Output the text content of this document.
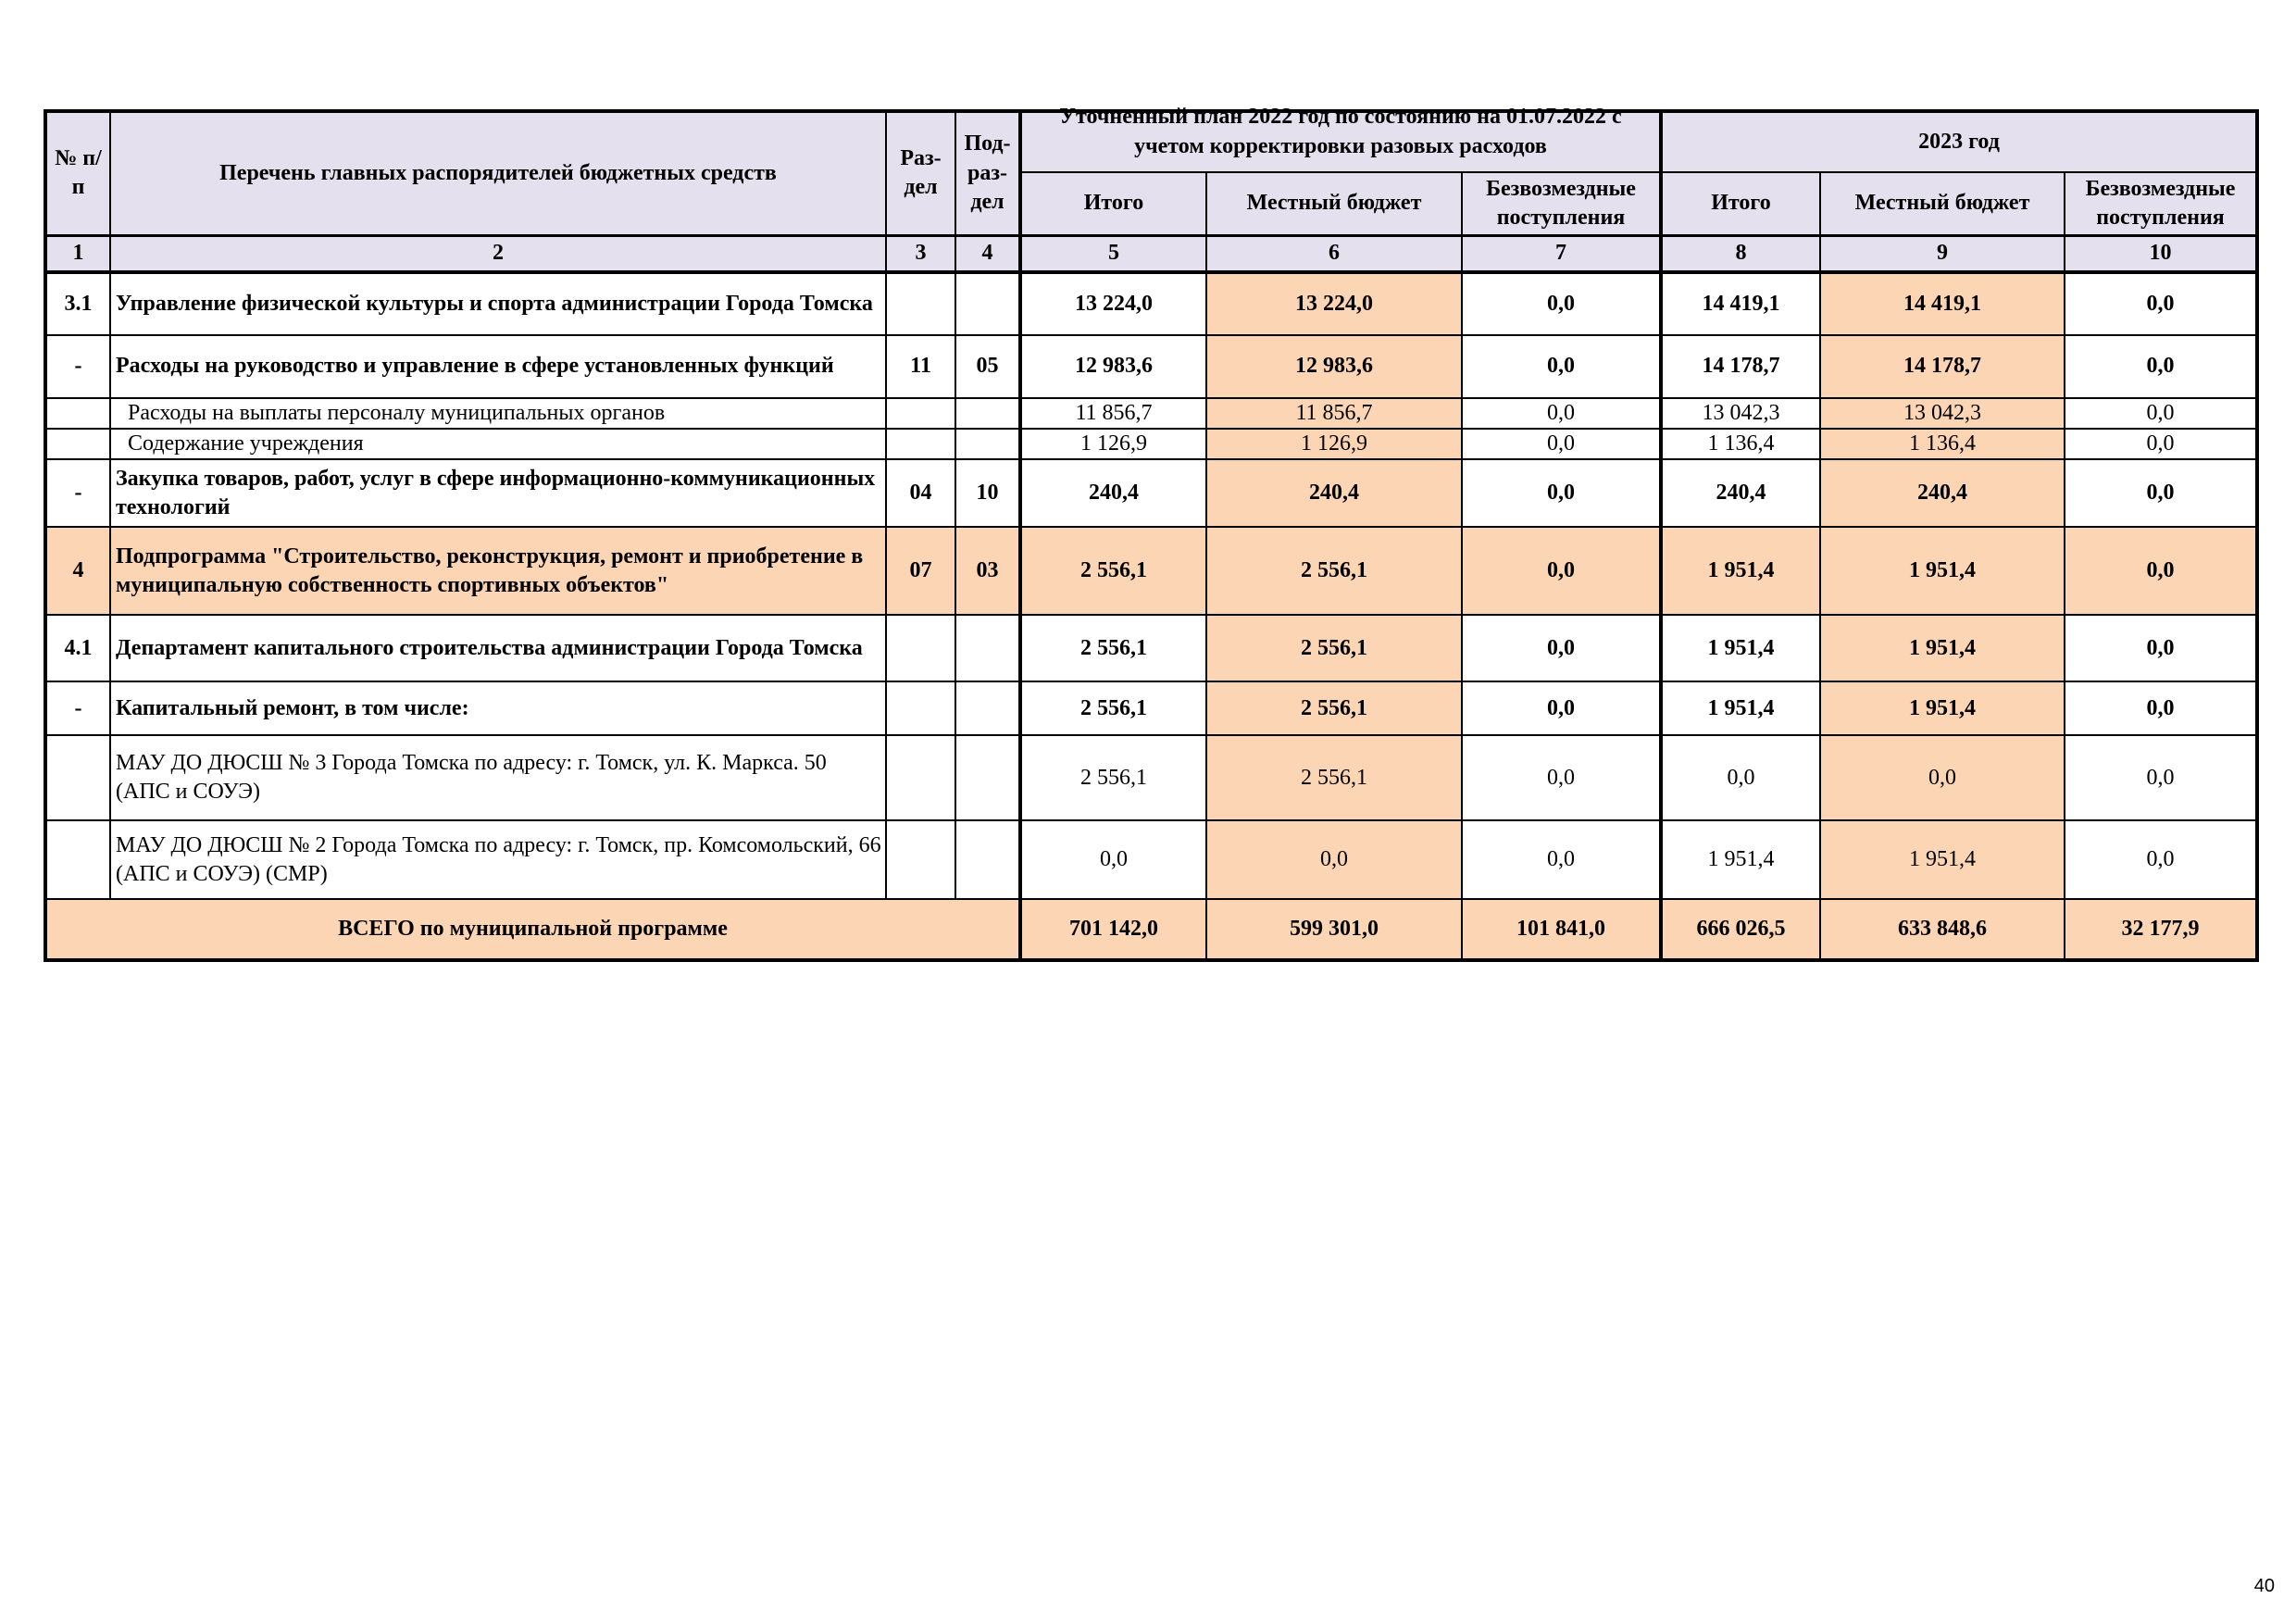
№ п/п	Перечень главных распорядителей бюджетных средств	Раз-дел	Под-раз-дел	Уточненный план 2022 год по состоянию на 01.07.2022 с учетом корректировки разовых расходов			2023 год		
				Итого	Местный бюджет	Безвозмездные поступления	Итого	Местный бюджет	Безвозмездные поступления
1	2	3	4	5	6	7	8	9	10
3.1	Управление физической культуры и спорта администрации Города Томска			13 224,0	13 224,0	0,0	14 419,1	14 419,1	0,0
-	Расходы на руководство и управление в сфере установленных функций	11	05	12 983,6	12 983,6	0,0	14 178,7	14 178,7	0,0
	Расходы на выплаты персоналу муниципальных органов			11 856,7	11 856,7	0,0	13 042,3	13 042,3	0,0
	Содержание учреждения			1 126,9	1 126,9	0,0	1 136,4	1 136,4	0,0
-	Закупка товаров, работ, услуг в сфере информационно-коммуникационных технологий	04	10	240,4	240,4	0,0	240,4	240,4	0,0
4	Подпрограмма "Строительство, реконструкция, ремонт и приобретение в муниципальную собственность спортивных объектов"	07	03	2 556,1	2 556,1	0,0	1 951,4	1 951,4	0,0
4.1	Департамент капитального строительства администрации Города Томска			2 556,1	2 556,1	0,0	1 951,4	1 951,4	0,0
-	Капитальный ремонт, в том числе:			2 556,1	2 556,1	0,0	1 951,4	1 951,4	0,0
	МАУ ДО ДЮСШ № 3 Города Томска по адресу: г. Томск, ул. К. Маркса. 50 (АПС и СОУЭ)			2 556,1	2 556,1	0,0	0,0	0,0	0,0
	МАУ ДО ДЮСШ № 2 Города Томска по адресу: г. Томск, пр. Комсомольский, 66 (АПС и СОУЭ) (СМР)			0,0	0,0	0,0	1 951,4	1 951,4	0,0
ВСЕГО по муниципальной программе				701 142,0	599 301,0	101 841,0	666 026,5	633 848,6	32 177,9
40
